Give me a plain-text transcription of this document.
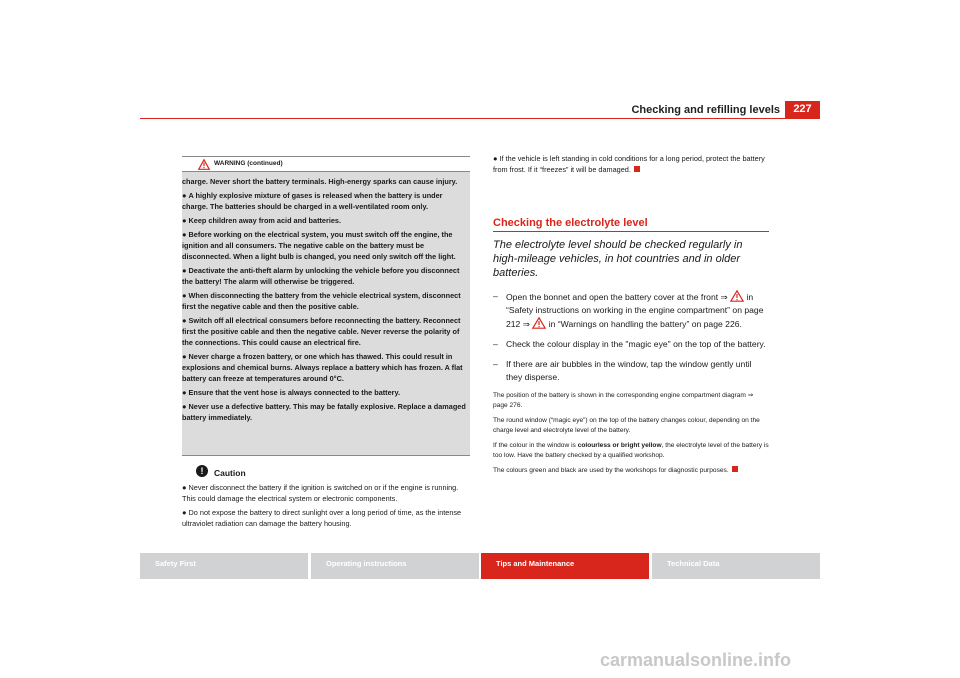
Checking and refilling levels	227
WARNING (continued)

charge. Never short the battery terminals. High-energy sparks can cause injury.

● A highly explosive mixture of gases is released when the battery is under charge. The batteries should be charged in a well-ventilated room only.

● Keep children away from acid and batteries.

● Before working on the electrical system, you must switch off the engine, the ignition and all consumers. The negative cable on the battery must be disconnected. When a light bulb is changed, you need only switch off the light.

● Deactivate the anti-theft alarm by unlocking the vehicle before you disconnect the battery! The alarm will otherwise be triggered.

● When disconnecting the battery from the vehicle electrical system, disconnect first the negative cable and then the positive cable.

● Switch off all electrical consumers before reconnecting the battery. Reconnect first the positive cable and then the negative cable. Never reverse the polarity of the connections. This could cause an electrical fire.

● Never charge a frozen battery, or one which has thawed. This could result in explosions and chemical burns. Always replace a battery which has frozen. A flat battery can freeze at temperatures around 0°C.

● Ensure that the vent hose is always connected to the battery.

● Never use a defective battery. This may be fatally explosive. Replace a damaged battery immediately.

!	Caution

● Never disconnect the battery if the ignition is switched on or if the engine is running. This could damage the electrical system or electronic components.

● Do not expose the battery to direct sunlight over a long period of time, as the intense ultraviolet radiation can damage the battery housing.

● If the vehicle is left standing in cold conditions for a long period, protect the battery from frost. If it “freezes” it will be damaged.

Checking the electrolyte level

The electrolyte level should be checked regularly in high-mileage vehicles, in hot countries and in older batteries.

– Open the bonnet and open the battery cover at the front ⇒ in “Safety instructions on working in the engine compartment” on page 212 ⇒ in “Warnings on handling the battery” on page 226.
– Check the colour display in the "magic eye" on the top of the battery.
– If there are air bubbles in the window, tap the window gently until they disperse.

The position of the battery is shown in the corresponding engine compartment diagram ⇒ page 276.

The round window (“magic eye”) on the top of the battery changes colour, depending on the charge level and electrolyte level of the battery.

If the colour in the window is colourless or bright yellow, the electrolyte level of the battery is too low. Have the battery checked by a qualified workshop.

The colours green and black are used by the workshops for diagnostic purposes.

Safety First	Operating instructions	Tips and Maintenance	Technical Data
carmanualsonline.info
